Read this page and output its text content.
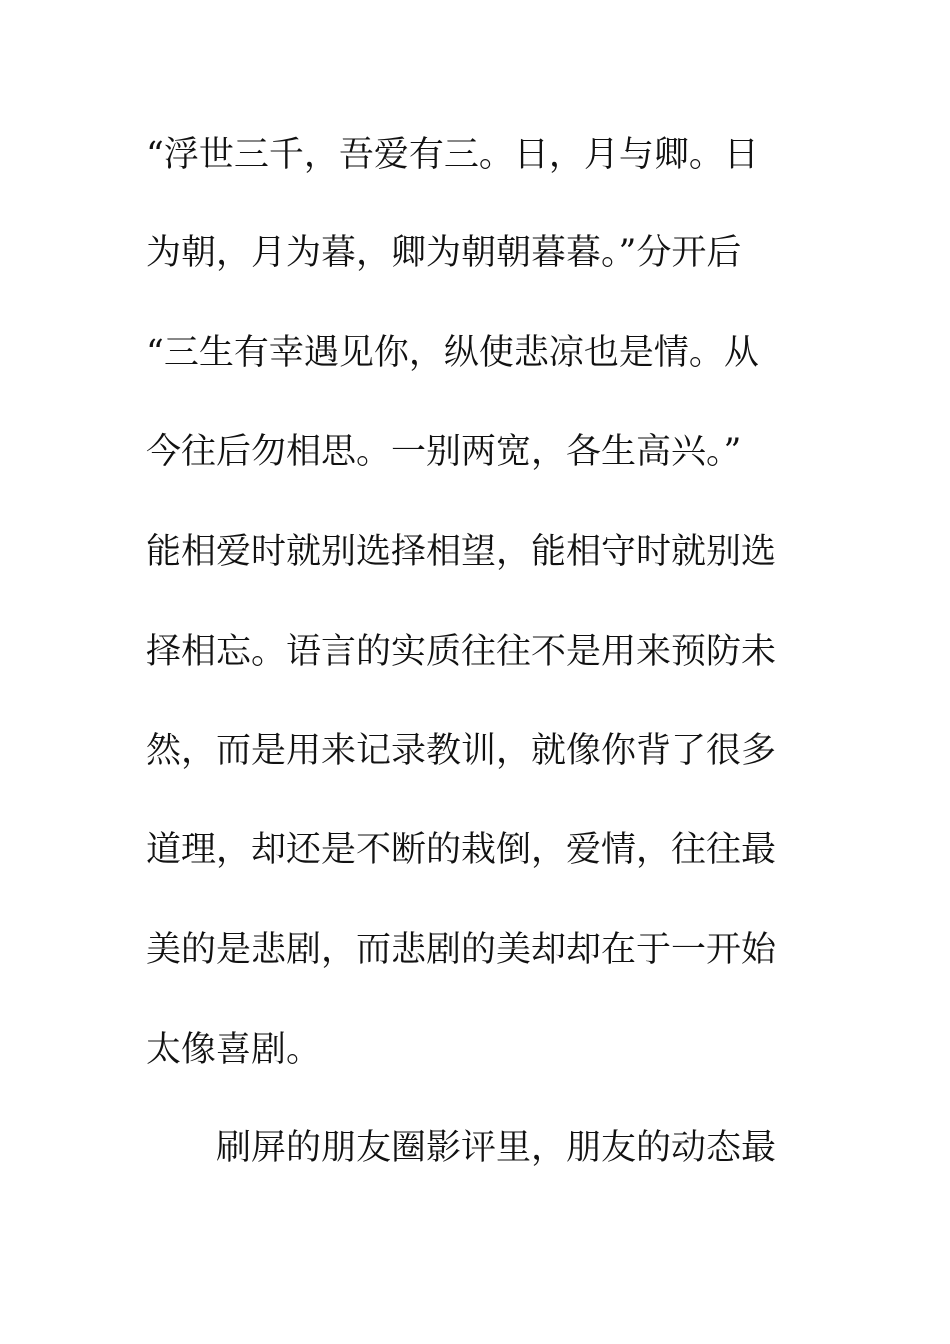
“浮世三千，吾爱有三。日，月与卿。日
为朝，月为暮，卿为朝朝暮暮。”分开后
“三生有幸遇见你，纵使悲凉也是情。从
今往后勿相思。一别两宽，各生高兴。”
能相爱时就别选择相望，能相守时就别选
择相忘。语言的实质往往不是用来预防未
然，而是用来记录教训，就像你背了很多
道理，却还是不断的栽倒，爱情，往往最
美的是悲剧，而悲剧的美却却在于一开始
太像喜剧。
刷屏的朋友圈影评里，朋友的动态最
